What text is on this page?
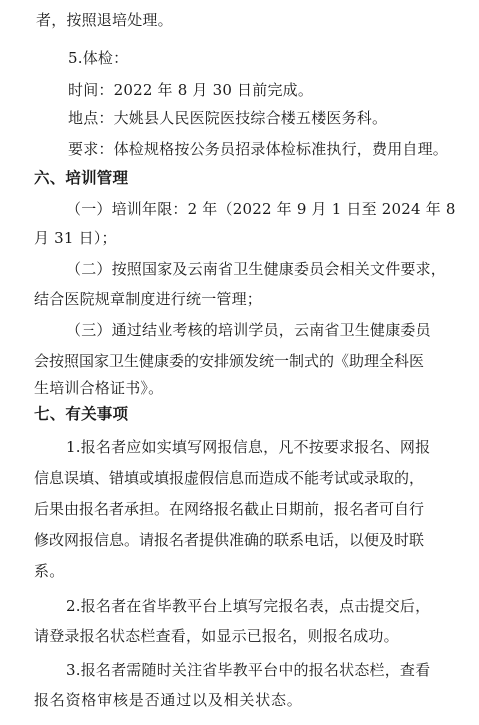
者，按照退培处理。
5.体检：
时间：2022 年 8 月 30 日前完成。
地点：大姚县人民医院医技综合楼五楼医务科。
要求：体检规格按公务员招录体检标准执行，费用自理。
六、培训管理
（一）培训年限：2 年（2022 年 9 月 1 日至 2024 年 8
月 31 日）；
（二）按照国家及云南省卫生健康委员会相关文件要求，
结合医院规章制度进行统一管理；
（三）通过结业考核的培训学员，云南省卫生健康委员
会按照国家卫生健康委的安排颁发统一制式的《助理全科医
生培训合格证书》。
七、有关事项
1.报名者应如实填写网报信息，凡不按要求报名、网报
信息误填、错填或填报虚假信息而造成不能考试或录取的，
后果由报名者承担。在网络报名截止日期前，报名者可自行
修改网报信息。请报名者提供准确的联系电话，以便及时联
系。
2.报名者在省毕教平台上填写完报名表，点击提交后，
请登录报名状态栏查看，如显示已报名，则报名成功。
3.报名者需随时关注省毕教平台中的报名状态栏，查看
报名资格审核是否通过以及相关状态。
